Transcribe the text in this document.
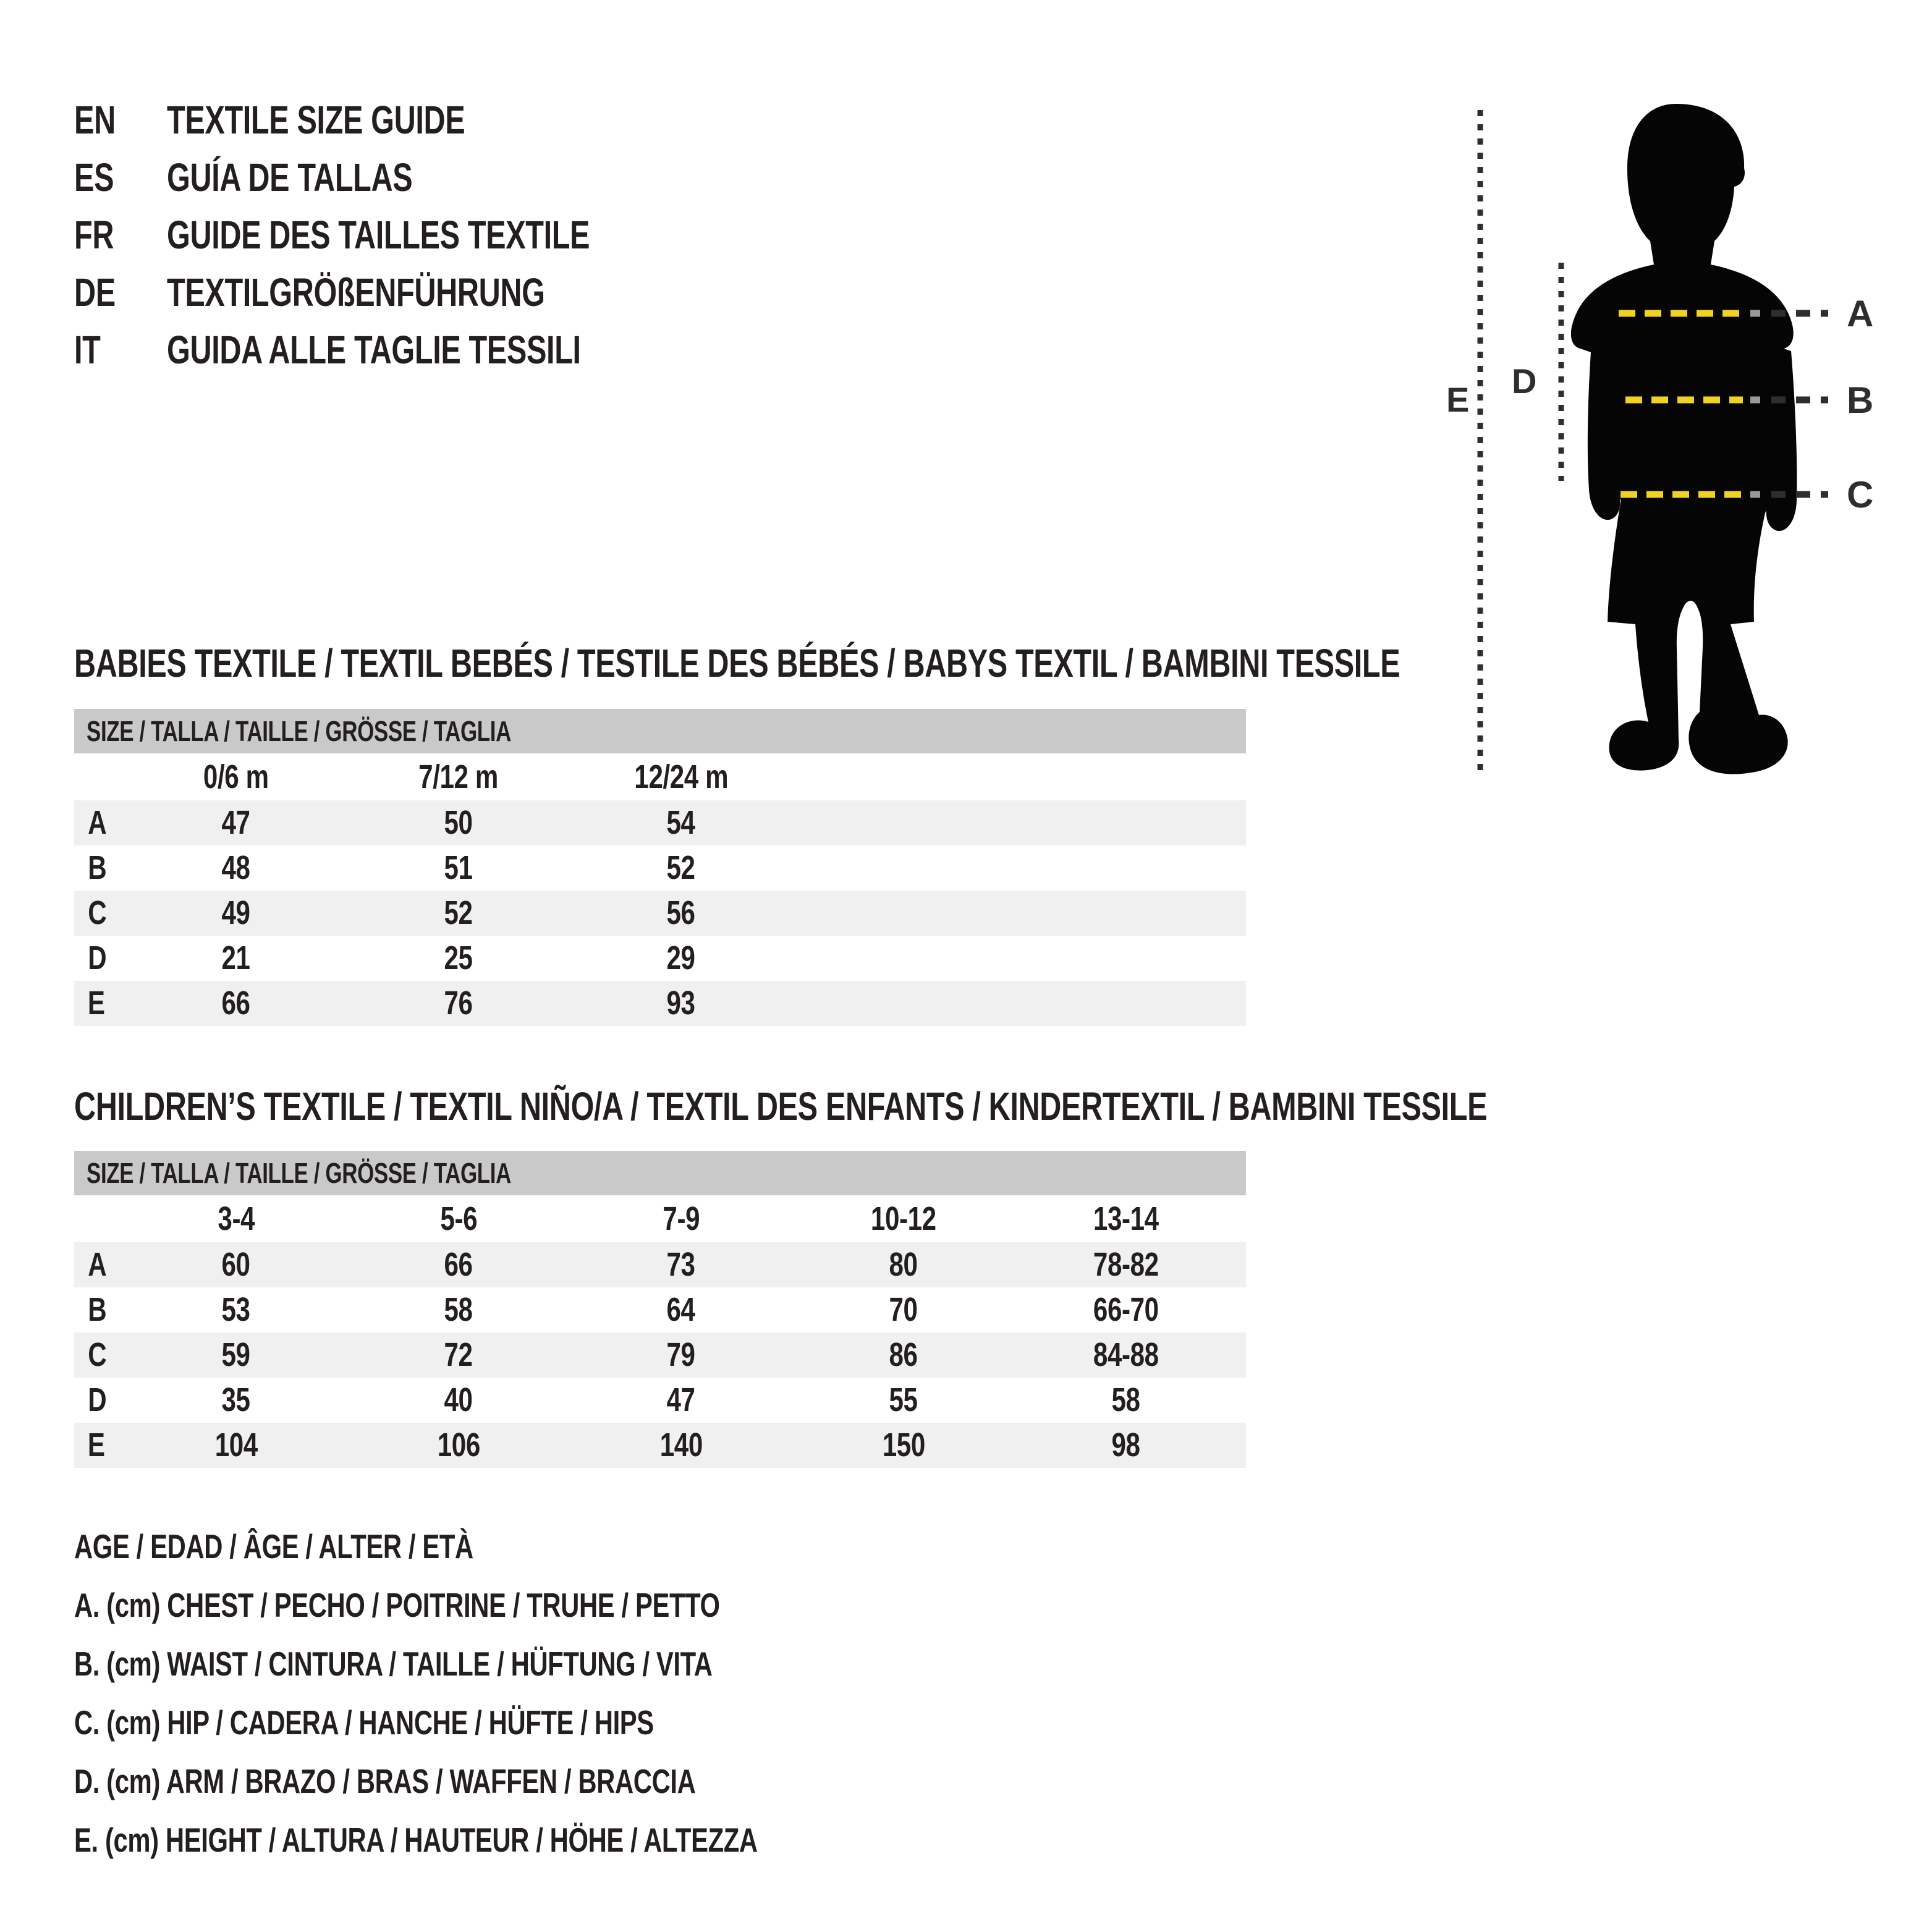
EN TEXTILE SIZE GUIDE
ES GUÍA DE TALLAS
FR GUIDE DES TAILLES TEXTILE
DE TEXTILGRÖßENFÜHRUNG
IT GUIDA ALLE TAGLIE TESSILI
A
B
C
D
E
BABIES TEXTILE / TEXTIL BEBÉS / TESTILE DES BÉBÉS / BABYS TEXTIL / BAMBINI TESSILE
SIZE / TALLA / TAILLE / GRÖSSE / TAGLIA
0/6 m	7/12 m	12/24 m
A	47	50	54
B	48	51	52
C	49	52	56
D	21	25	29
E	66	76	93
CHILDREN’S TEXTILE / TEXTIL NIÑO/A / TEXTIL DES ENFANTS / KINDERTEXTIL / BAMBINI TESSILE
SIZE / TALLA / TAILLE / GRÖSSE / TAGLIA
3-4	5-6	7-9	10-12	13-14
A	60	66	73	80	78-82
B	53	58	64	70	66-70
C	59	72	79	86	84-88
D	35	40	47	55	58
E	104	106	140	150	98
AGE / EDAD / ÂGE / ALTER / ETÀ
A. (cm) CHEST / PECHO / POITRINE / TRUHE / PETTO
B. (cm) WAIST / CINTURA / TAILLE / HÜFTUNG / VITA
C. (cm) HIP / CADERA / HANCHE / HÜFTE / HIPS
D. (cm) ARM / BRAZO / BRAS / WAFFEN / BRACCIA
E. (cm) HEIGHT / ALTURA / HAUTEUR / HÖHE / ALTEZZA
